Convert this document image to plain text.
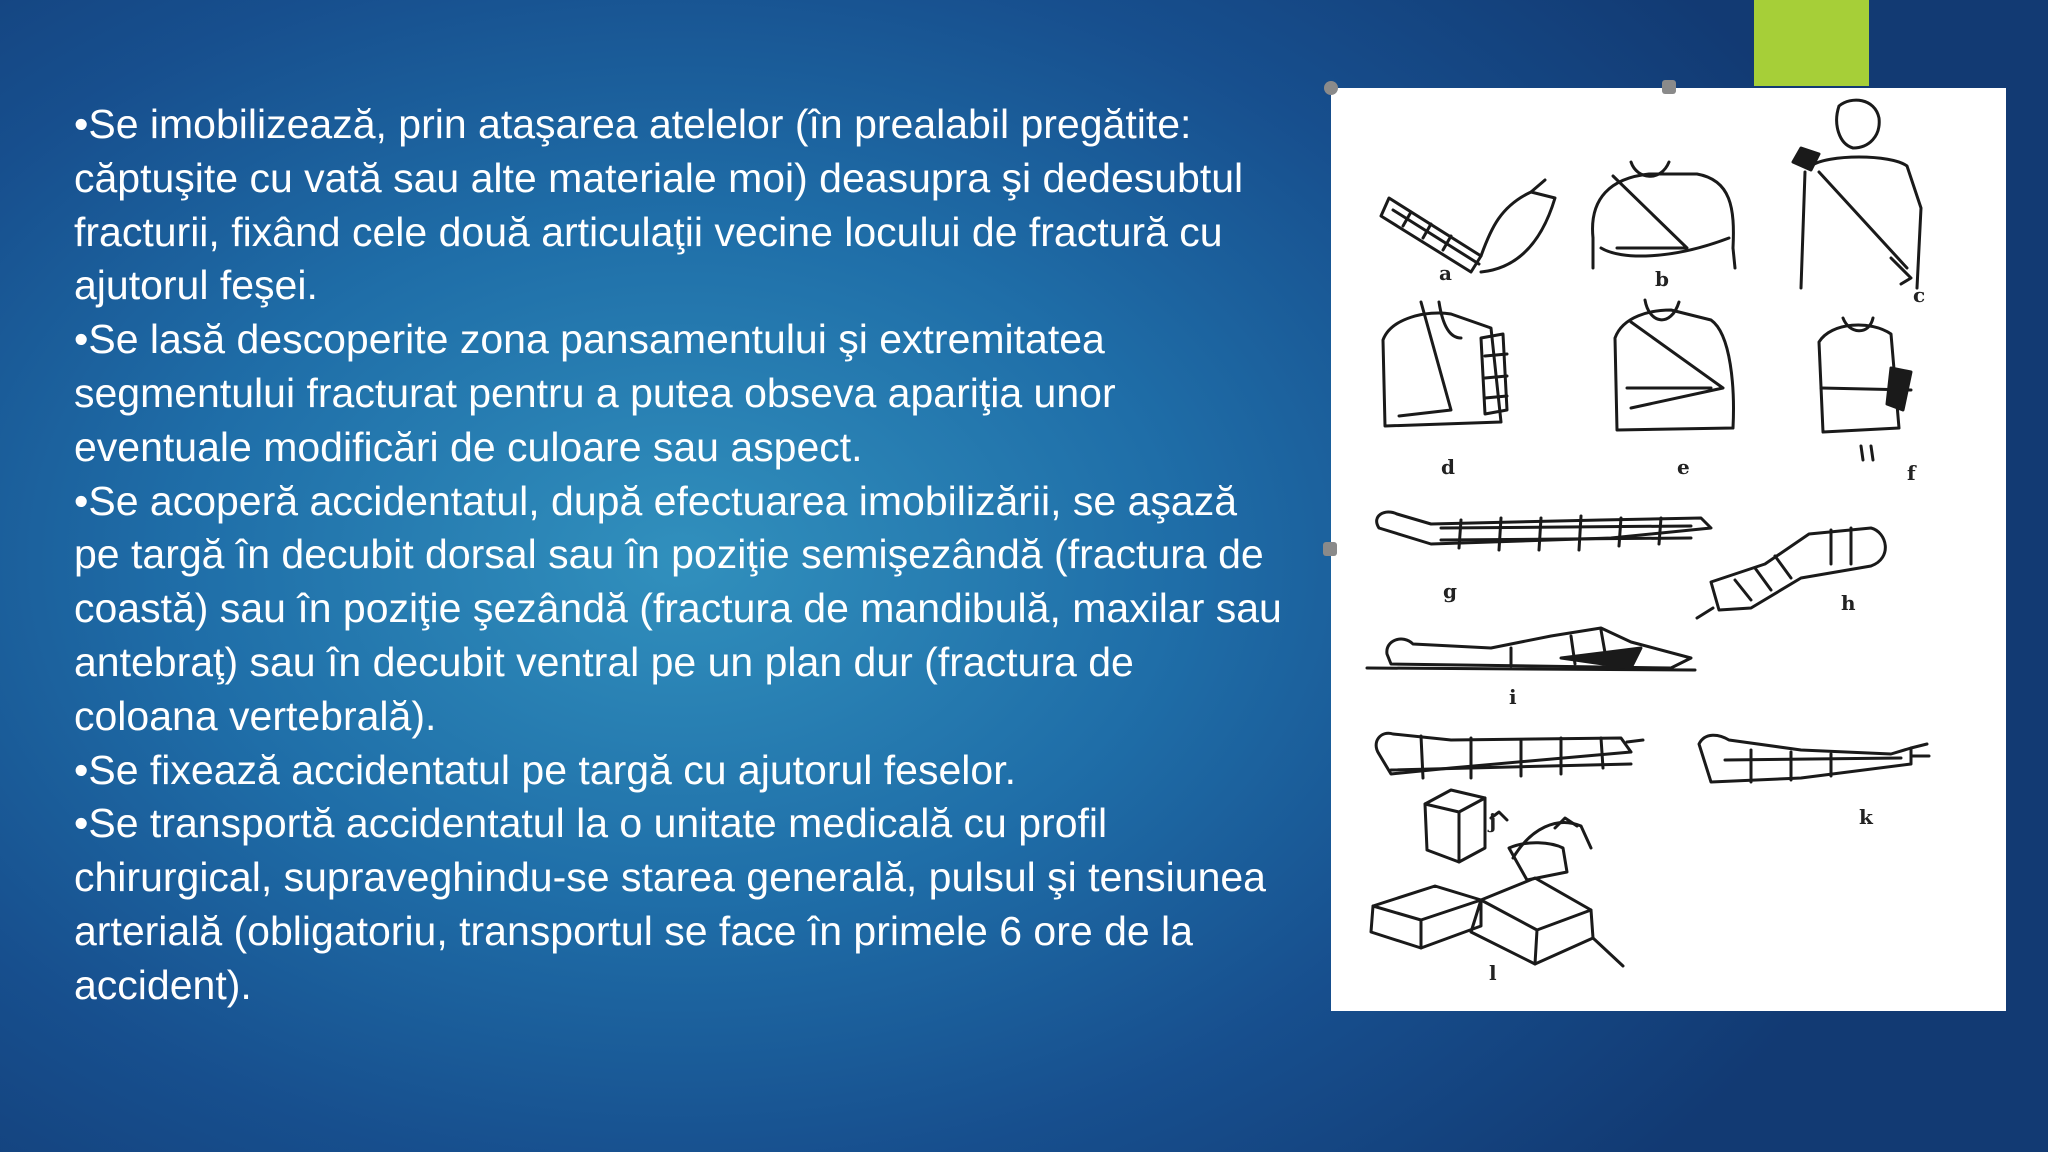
•Se imobilizează, prin ataşarea atelelor (în prealabil pregătite: căptuşite cu vată sau alte materiale moi) deasupra şi dedesubtul fracturii, fixând cele două articulaţii vecine locului de fractură cu ajutorul feşei.

•Se lasă descoperite zona pansamentului şi extremitatea segmentului fracturat pentru a putea obseva apariţia unor eventuale modificări de culoare sau aspect.

•Se acoperă accidentatul, după efectuarea imobilizării, se aşază pe targă în decubit dorsal sau în poziţie semişezândă (fractura de coastă) sau în poziţie şezândă (fractura de mandibulă, maxilar sau antebraţ) sau în decubit ventral pe un plan dur (fractura de coloana vertebrală).

•Se fixează accidentatul pe targă cu ajutorul feselor.

•Se transportă accidentatul la o unitate medicală cu profil chirurgical, supraveghindu-se starea generală, pulsul şi tensiunea arterială (obligatoriu, transportul se face în primele 6 ore de la accident).

a	b
c
d	e	f
g	h
i
j	k
l
